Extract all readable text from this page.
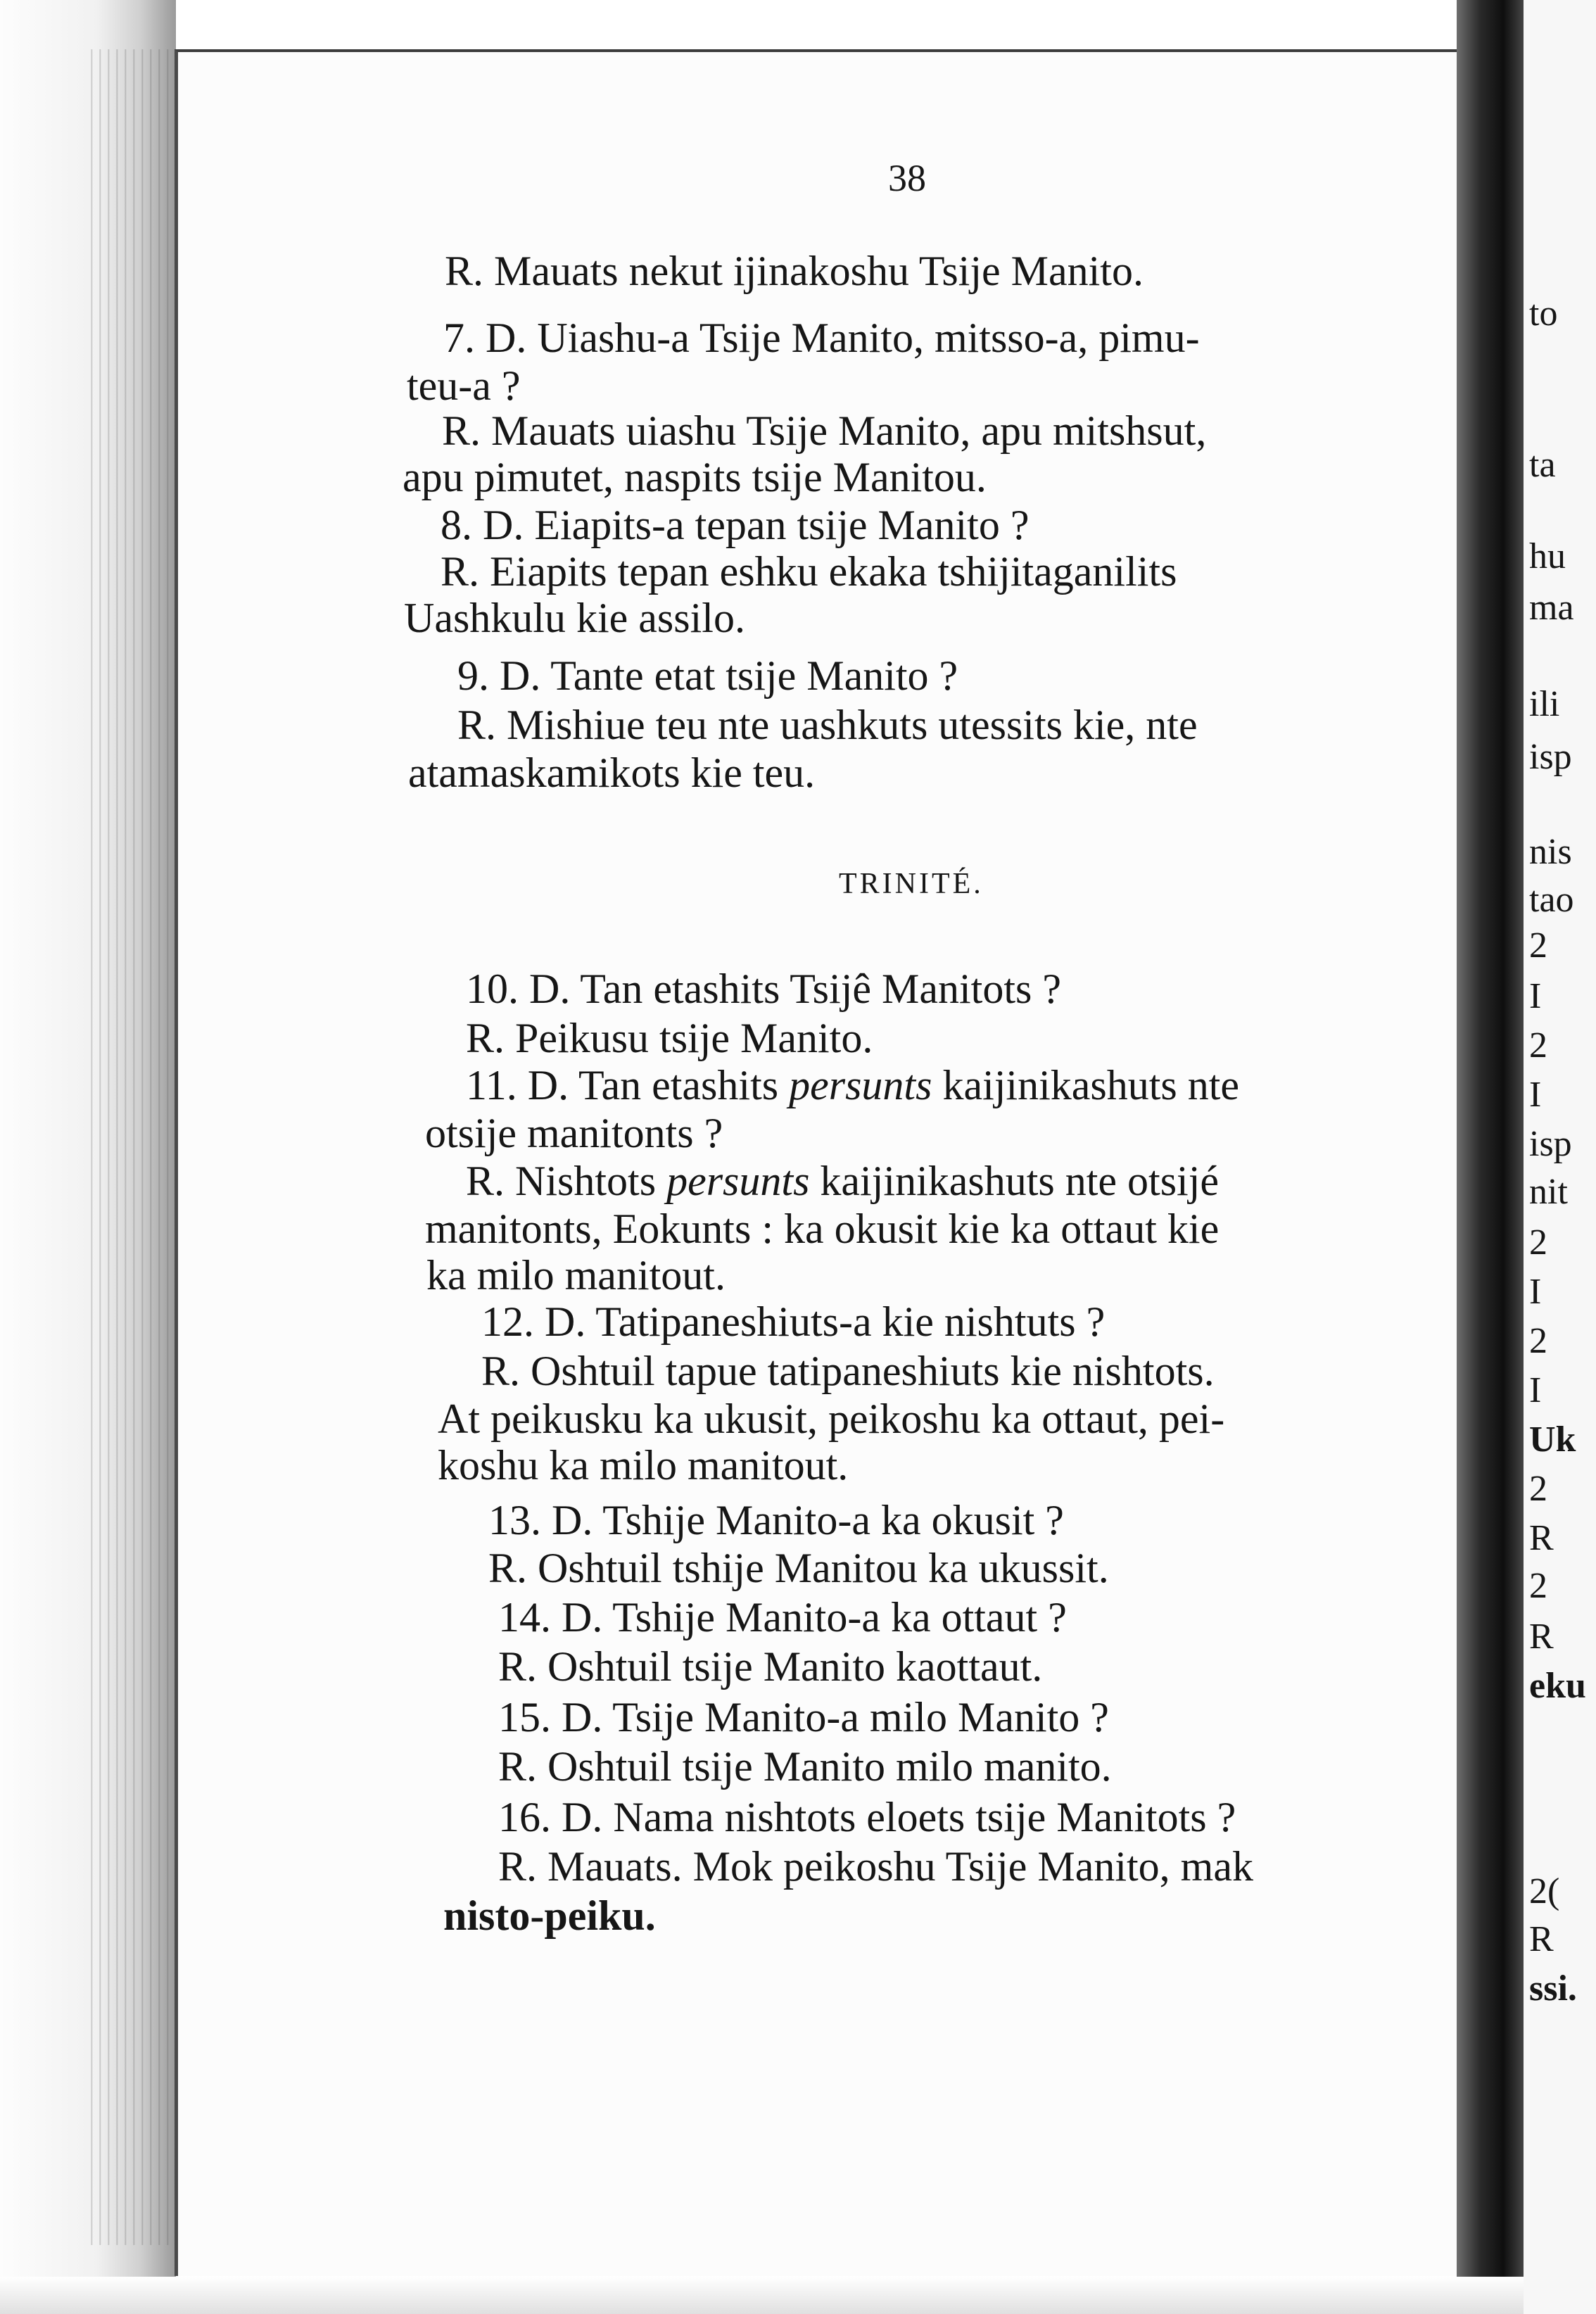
38
R. Mauats nekut ijinakoshu Tsije Manito.
7. D. Uiashu-a Tsije Manito, mitsso-a, pimu-
teu-a ?
R. Mauats uiashu Tsije Manito, apu mitshsut,
apu pimutet, naspits tsije Manitou.
8. D. Eiapits-a tepan tsije Manito ?
R. Eiapits tepan eshku ekaka tshijitaganilits
Uashkulu kie assilo.
9. D. Tante etat tsije Manito ?
R. Mishiue teu nte uashkuts utessits kie, nte
atamaskamikots kie teu.
TRINITÉ.
10. D. Tan etashits Tsijê Manitots ?
R. Peikusu tsije Manito.
11. D. Tan etashits persunts kaijinikashuts nte
otsije manitonts ?
R. Nishtots persunts kaijinikashuts nte otsijé
manitonts, Eokunts : ka okusit kie ka ottaut kie
ka milo manitout.
12. D. Tatipaneshiuts-a kie nishtuts ?
R. Oshtuil tapue tatipaneshiuts kie nishtots.
At peikusku ka ukusit, peikoshu ka ottaut, pei-
koshu ka milo manitout.
13. D. Tshije Manito-a ka okusit ?
R. Oshtuil tshije Manitou ka ukussit.
14. D. Tshije Manito-a ka ottaut ?
R. Oshtuil tsije Manito kaottaut.
15. D. Tsije Manito-a milo Manito ?
R. Oshtuil tsije Manito milo manito.
16. D. Nama nishtots eloets tsije Manitots ?
R. Mauats. Mok peikoshu Tsije Manito, mak
nisto-peiku.
to
ta
hu
ma
ili
isp
nis
tao
2
I
2
I
isp
nit
2
I
2
I
Uk
2
R
2
R
eku
2(
R
ssi.
